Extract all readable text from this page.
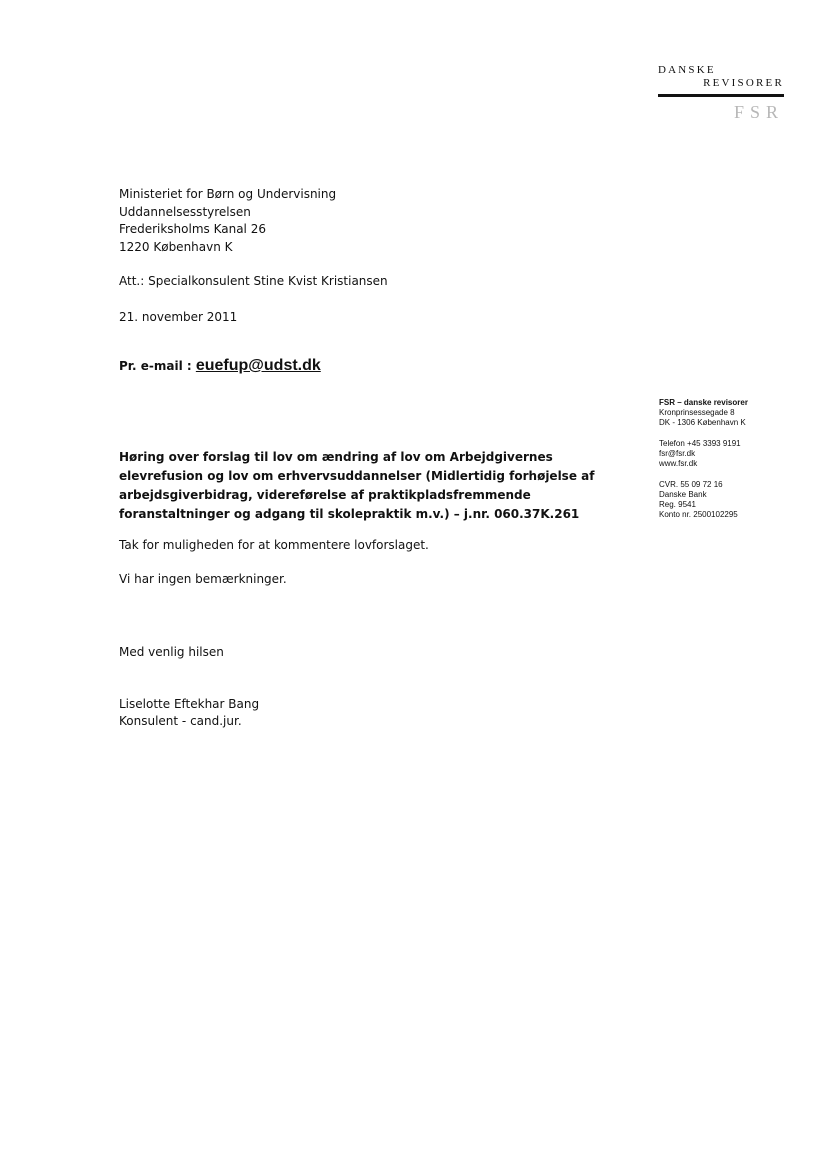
DANSKE
REVISORER
FSR
Ministeriet for Børn og Undervisning
Uddannelsesstyrelsen
Frederiksholms Kanal 26
1220 København K
Att.: Specialkonsulent Stine Kvist Kristiansen
21. november 2011
Pr. e-mail : euefup@udst.dk
FSR – danske revisorer
Kronprinsessegade 8
DK - 1306 København K
Telefon +45 3393 9191
fsr@fsr.dk
www.fsr.dk
CVR. 55 09 72 16
Danske Bank
Reg. 9541
Konto nr. 2500102295
Høring over forslag til lov om ændring af lov om Arbejdgivernes
elevrefusion og lov om erhvervsuddannelser (Midlertidig forhøjelse af
arbejdsgiverbidrag, videreførelse af praktikpladsfremmende
foranstaltninger og adgang til skolepraktik m.v.) – j.nr. 060.37K.261
Tak for muligheden for at kommentere lovforslaget.
Vi har ingen bemærkninger.
Med venlig hilsen
Liselotte Eftekhar Bang
Konsulent - cand.jur.
